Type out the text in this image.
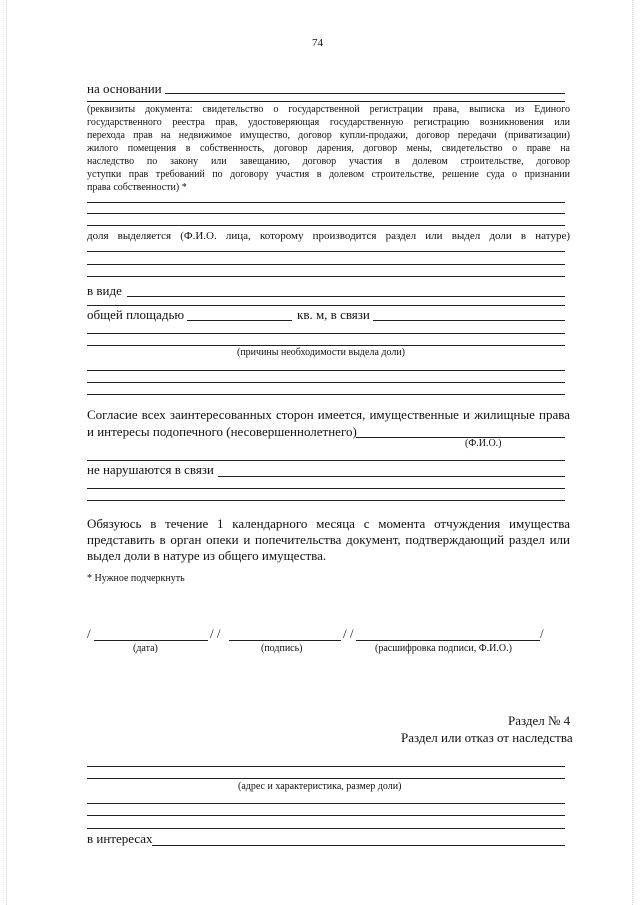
74
на основании
(реквизиты документа: свидетельство о государственной регистрации права, выписка из Единого
государственного реестра прав, удостоверяющая государственную регистрацию возникновения или
перехода прав на недвижимое имущество, договор купли-продажи, договор передачи (приватизации)
жилого помещения в собственность, договор дарения, договор мены, свидетельство о праве на
наследство по закону или завещанию, договор участия в долевом строительстве, договор
уступки прав требований по договору участия в долевом строительстве, решение суда о признании
права собственности) *
доля выделяется (Ф.И.О. лица, которому производится раздел или выдел доли в натуре)
в виде
общей площадью	кв. м, в связи
(причины необходимости выдела доли)
Согласие всех заинтересованных сторон имеется, имущественные и жилищные права
и интересы подопечного (несовершеннолетнего)
(Ф.И.О.)
не нарушаются в связи
Обязуюсь в течение 1 календарного месяца с момента отчуждения имущества
представить в орган опеки и попечительства документ, подтверждающий раздел или
выдел доли в натуре из общего имущества.
* Нужное подчеркнуть
/	/ /	/ /	/
(дата)	(подпись)	(расшифровка подписи, Ф.И.О.)
Раздел № 4
Раздел или отказ от наследства
(адрес и характеристика, размер доли)
в интересах
